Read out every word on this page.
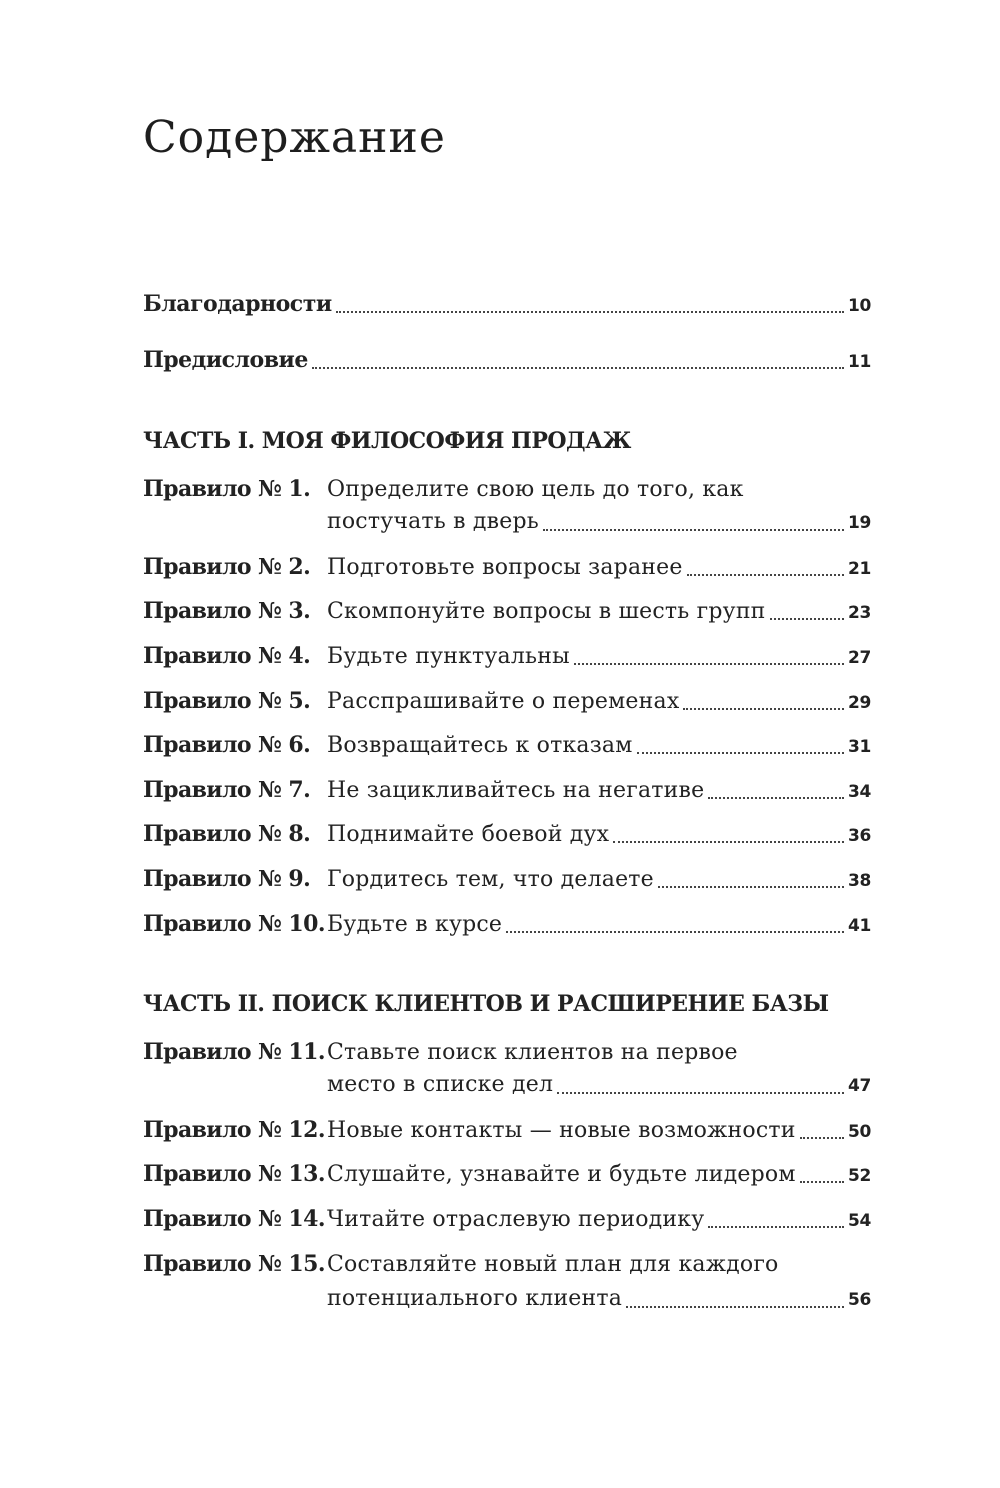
Содержание
Благодарности	10
Предисловие	11
ЧАСТЬ I. МОЯ ФИЛОСОФИЯ ПРОДАЖ
Правило № 1. Определите свою цель до того, как
постучать в дверь	19
Правило № 2. Подготовьте вопросы заранее	21
Правило № 3. Скомпонуйте вопросы в шесть групп	23
Правило № 4. Будьте пунктуальны	27
Правило № 5. Расспрашивайте о переменах	29
Правило № 6. Возвращайтесь к отказам	31
Правило № 7. Не зацикливайтесь на негативе	34
Правило № 8. Поднимайте боевой дух	36
Правило № 9. Гордитесь тем, что делаете	38
Правило № 10. Будьте в курсе	41
ЧАСТЬ II. ПОИСК КЛИЕНТОВ И РАСШИРЕНИЕ БАЗЫ
Правило № 11. Ставьте поиск клиентов на первое
место в списке дел	47
Правило № 12. Новые контакты — новые возможности	50
Правило № 13. Слушайте, узнавайте и будьте лидером	52
Правило № 14. Читайте отраслевую периодику	54
Правило № 15. Составляйте новый план для каждого
потенциального клиента	56
